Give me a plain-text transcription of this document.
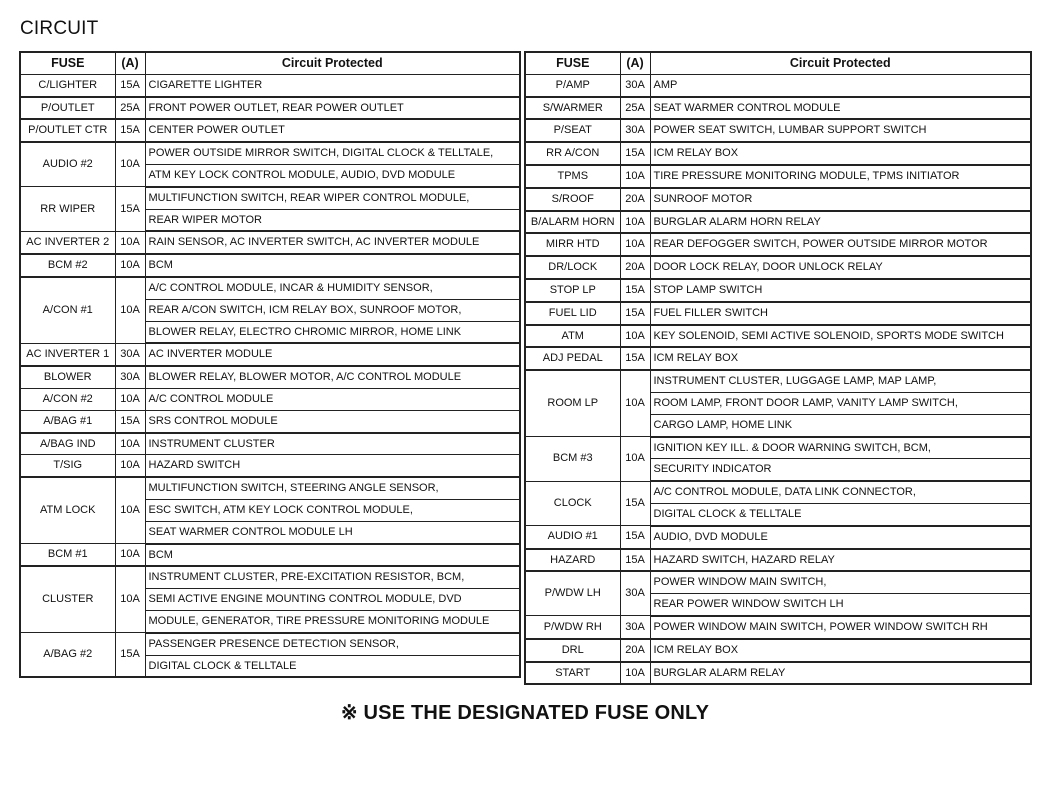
CIRCUIT
FUSE	(A)	Circuit Protected
C/LIGHTER	15A	CIGARETTE LIGHTER
P/OUTLET	25A	FRONT POWER OUTLET, REAR POWER OUTLET
P/OUTLET CTR	15A	CENTER POWER OUTLET
AUDIO #2	10A	POWER OUTSIDE MIRROR SWITCH, DIGITAL CLOCK & TELLTALE,
		ATM KEY LOCK CONTROL MODULE, AUDIO, DVD MODULE
RR WIPER	15A	MULTIFUNCTION SWITCH, REAR WIPER CONTROL MODULE,
		REAR WIPER MOTOR
AC INVERTER 2	10A	RAIN SENSOR, AC INVERTER SWITCH, AC INVERTER MODULE
BCM #2	10A	BCM
A/CON #1	10A	A/C CONTROL MODULE, INCAR & HUMIDITY SENSOR,
		REAR A/CON SWITCH, ICM RELAY BOX, SUNROOF MOTOR,
		BLOWER RELAY, ELECTRO CHROMIC MIRROR, HOME LINK
AC INVERTER 1	30A	AC INVERTER MODULE
BLOWER	30A	BLOWER RELAY, BLOWER MOTOR, A/C CONTROL MODULE
A/CON #2	10A	A/C CONTROL MODULE
A/BAG #1	15A	SRS CONTROL MODULE
A/BAG IND	10A	INSTRUMENT CLUSTER
T/SIG	10A	HAZARD SWITCH
ATM LOCK	10A	MULTIFUNCTION SWITCH, STEERING ANGLE SENSOR,
		ESC SWITCH, ATM KEY LOCK CONTROL MODULE,
		SEAT WARMER CONTROL MODULE LH
BCM #1	10A	BCM
CLUSTER	10A	INSTRUMENT CLUSTER, PRE-EXCITATION RESISTOR, BCM,
		SEMI ACTIVE ENGINE MOUNTING CONTROL MODULE, DVD
		MODULE, GENERATOR, TIRE PRESSURE MONITORING MODULE
A/BAG #2	15A	PASSENGER PRESENCE DETECTION SENSOR,
		DIGITAL CLOCK & TELLTALE
FUSE	(A)	Circuit Protected
P/AMP	30A	AMP
S/WARMER	25A	SEAT WARMER CONTROL MODULE
P/SEAT	30A	POWER SEAT SWITCH, LUMBAR SUPPORT SWITCH
RR A/CON	15A	ICM RELAY BOX
TPMS	10A	TIRE PRESSURE MONITORING MODULE, TPMS INITIATOR
S/ROOF	20A	SUNROOF MOTOR
B/ALARM HORN	10A	BURGLAR ALARM HORN RELAY
MIRR HTD	10A	REAR DEFOGGER SWITCH, POWER OUTSIDE MIRROR MOTOR
DR/LOCK	20A	DOOR LOCK RELAY, DOOR UNLOCK RELAY
STOP LP	15A	STOP LAMP SWITCH
FUEL LID	15A	FUEL FILLER SWITCH
ATM	10A	KEY SOLENOID, SEMI ACTIVE SOLENOID, SPORTS MODE SWITCH
ADJ PEDAL	15A	ICM RELAY BOX
ROOM LP	10A	INSTRUMENT CLUSTER, LUGGAGE LAMP, MAP LAMP,
		ROOM LAMP, FRONT DOOR LAMP, VANITY LAMP SWITCH,
		CARGO LAMP, HOME LINK
BCM #3	10A	IGNITION KEY ILL. & DOOR WARNING SWITCH, BCM,
		SECURITY INDICATOR
CLOCK	15A	A/C CONTROL MODULE, DATA LINK CONNECTOR,
		DIGITAL CLOCK & TELLTALE
AUDIO #1	15A	AUDIO, DVD MODULE
HAZARD	15A	HAZARD SWITCH, HAZARD RELAY
P/WDW LH	30A	POWER WINDOW MAIN SWITCH,
		REAR POWER WINDOW SWITCH LH
P/WDW RH	30A	POWER WINDOW MAIN SWITCH, POWER WINDOW SWITCH RH
DRL	20A	ICM RELAY BOX
START	10A	BURGLAR ALARM RELAY
※ USE THE DESIGNATED FUSE ONLY
